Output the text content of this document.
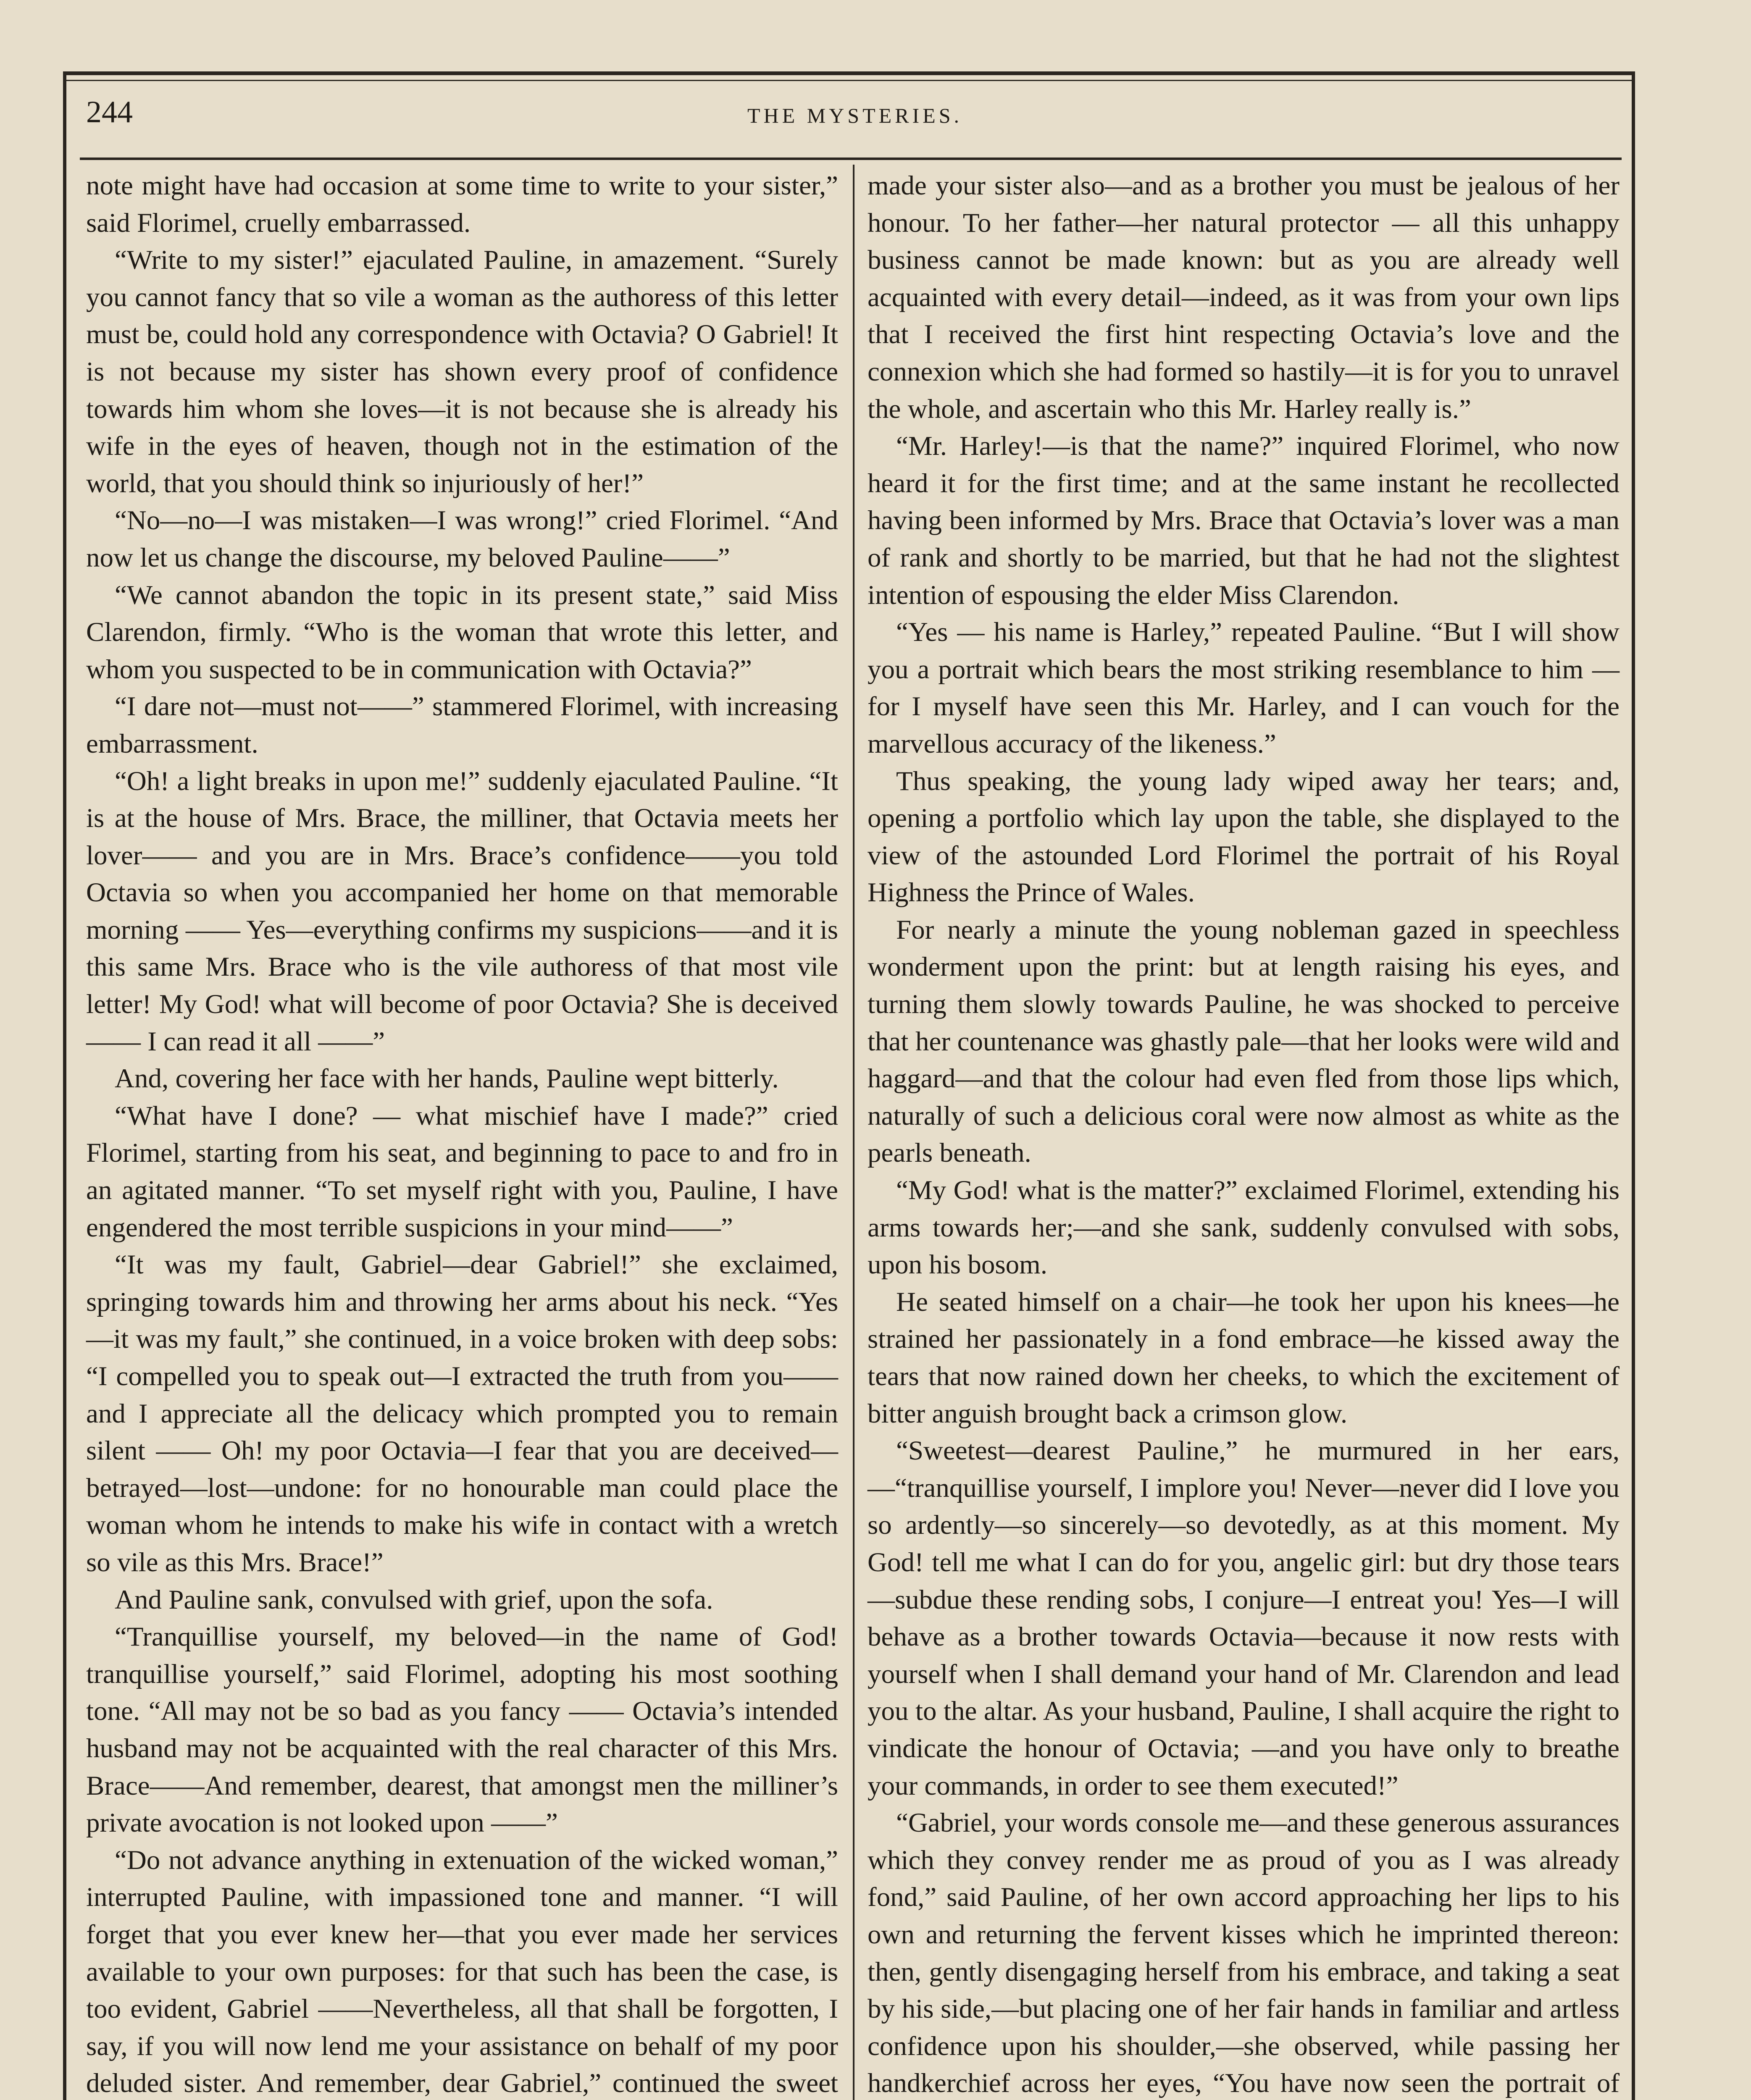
244	THE MYSTERIES.

note might have had occasion at some time to write to your sister,” said Florimel, cruelly embarrassed.

“Write to my sister!” ejaculated Pauline, in amazement. “Surely you cannot fancy that so vile a woman as the authoress of this letter must be, could hold any correspondence with Octavia? O Gabriel! It is not because my sister has shown every proof of confidence towards him whom she loves—it is not because she is already his wife in the eyes of heaven, though not in the estimation of the world, that you should think so injuriously of her!”

“No—no—I was mistaken—I was wrong!” cried Florimel. “And now let us change the discourse, my beloved Pauline——”

“We cannot abandon the topic in its present state,” said Miss Clarendon, firmly. “Who is the woman that wrote this letter, and whom you suspected to be in communication with Octavia?”

“I dare not—must not——” stammered Florimel, with increasing embarrassment.

“Oh! a light breaks in upon me!” suddenly ejaculated Pauline. “It is at the house of Mrs. Brace, the milliner, that Octavia meets her lover—— and you are in Mrs. Brace’s confidence——you told Octavia so when you accompanied her home on that memorable morning —— Yes—everything confirms my suspicions——and it is this same Mrs. Brace who is the vile authoress of that most vile letter! My God! what will become of poor Octavia? She is deceived —— I can read it all ——”

And, covering her face with her hands, Pauline wept bitterly.

“What have I done? — what mischief have I made?” cried Florimel, starting from his seat, and beginning to pace to and fro in an agitated manner. “To set myself right with you, Pauline, I have engendered the most terrible suspicions in your mind——”

“It was my fault, Gabriel—dear Gabriel!” she exclaimed, springing towards him and throwing her arms about his neck. “Yes—it was my fault,” she continued, in a voice broken with deep sobs: “I compelled you to speak out—I extracted the truth from you——and I appreciate all the delicacy which prompted you to remain silent —— Oh! my poor Octavia—I fear that you are deceived—betrayed—lost—undone: for no honourable man could place the woman whom he intends to make his wife in contact with a wretch so vile as this Mrs. Brace!”

And Pauline sank, convulsed with grief, upon the sofa.

“Tranquillise yourself, my beloved—in the name of God! tranquillise yourself,” said Florimel, adopting his most soothing tone. “All may not be so bad as you fancy —— Octavia’s intended husband may not be acquainted with the real character of this Mrs. Brace——And remember, dearest, that amongst men the milliner’s private avocation is not looked upon ——”

“Do not advance anything in extenuation of the wicked woman,” interrupted Pauline, with impassioned tone and manner. “I will forget that you ever knew her—that you ever made her services available to your own purposes: for that such has been the case, is too evident, Gabriel ——Nevertheless, all that shall be forgotten, I say, if you will now lend me your assistance on behalf of my poor deluded sister. And remember, dear Gabriel,” continued the sweet

made your sister also—and as a brother you must be jealous of her honour. To her father—her natural protector — all this unhappy business cannot be made known: but as you are already well acquainted with every detail—indeed, as it was from your own lips that I received the first hint respecting Octavia’s love and the connexion which she had formed so hastily—it is for you to unravel the whole, and ascertain who this Mr. Harley really is.”

“Mr. Harley!—is that the name?” inquired Florimel, who now heard it for the first time; and at the same instant he recollected having been informed by Mrs. Brace that Octavia’s lover was a man of rank and shortly to be married, but that he had not the slightest intention of espousing the elder Miss Clarendon.

“Yes — his name is Harley,” repeated Pauline. “But I will show you a portrait which bears the most striking resemblance to him — for I myself have seen this Mr. Harley, and I can vouch for the marvellous accuracy of the likeness.”

Thus speaking, the young lady wiped away her tears; and, opening a portfolio which lay upon the table, she displayed to the view of the astounded Lord Florimel the portrait of his Royal Highness the Prince of Wales.

For nearly a minute the young nobleman gazed in speechless wonderment upon the print: but at length raising his eyes, and turning them slowly towards Pauline, he was shocked to perceive that her countenance was ghastly pale—that her looks were wild and haggard—and that the colour had even fled from those lips which, naturally of such a delicious coral were now almost as white as the pearls beneath.

“My God! what is the matter?” exclaimed Florimel, extending his arms towards her;—and she sank, suddenly convulsed with sobs, upon his bosom.

He seated himself on a chair—he took her upon his knees—he strained her passionately in a fond embrace—he kissed away the tears that now rained down her cheeks, to which the excitement of bitter anguish brought back a crimson glow.

“Sweetest—dearest Pauline,” he murmured in her ears,—“tranquillise yourself, I implore you! Never—never did I love you so ardently—so sincerely—so devotedly, as at this moment. My God! tell me what I can do for you, angelic girl: but dry those tears—subdue these rending sobs, I conjure—I entreat you! Yes—I will behave as a brother towards Octavia—because it now rests with yourself when I shall demand your hand of Mr. Clarendon and lead you to the altar. As your husband, Pauline, I shall acquire the right to vindicate the honour of Octavia; —and you have only to breathe your commands, in order to see them executed!”

“Gabriel, your words console me—and these generous assurances which they convey render me as proud of you as I was already fond,” said Pauline, of her own accord approaching her lips to his own and returning the fervent kisses which he imprinted thereon: then, gently disengaging herself from his embrace, and taking a seat by his side,—but placing one of her fair hands in familiar and artless confidence upon his shoulder,—she observed, while passing her handkerchief across her eyes, “You have now seen the portrait of
